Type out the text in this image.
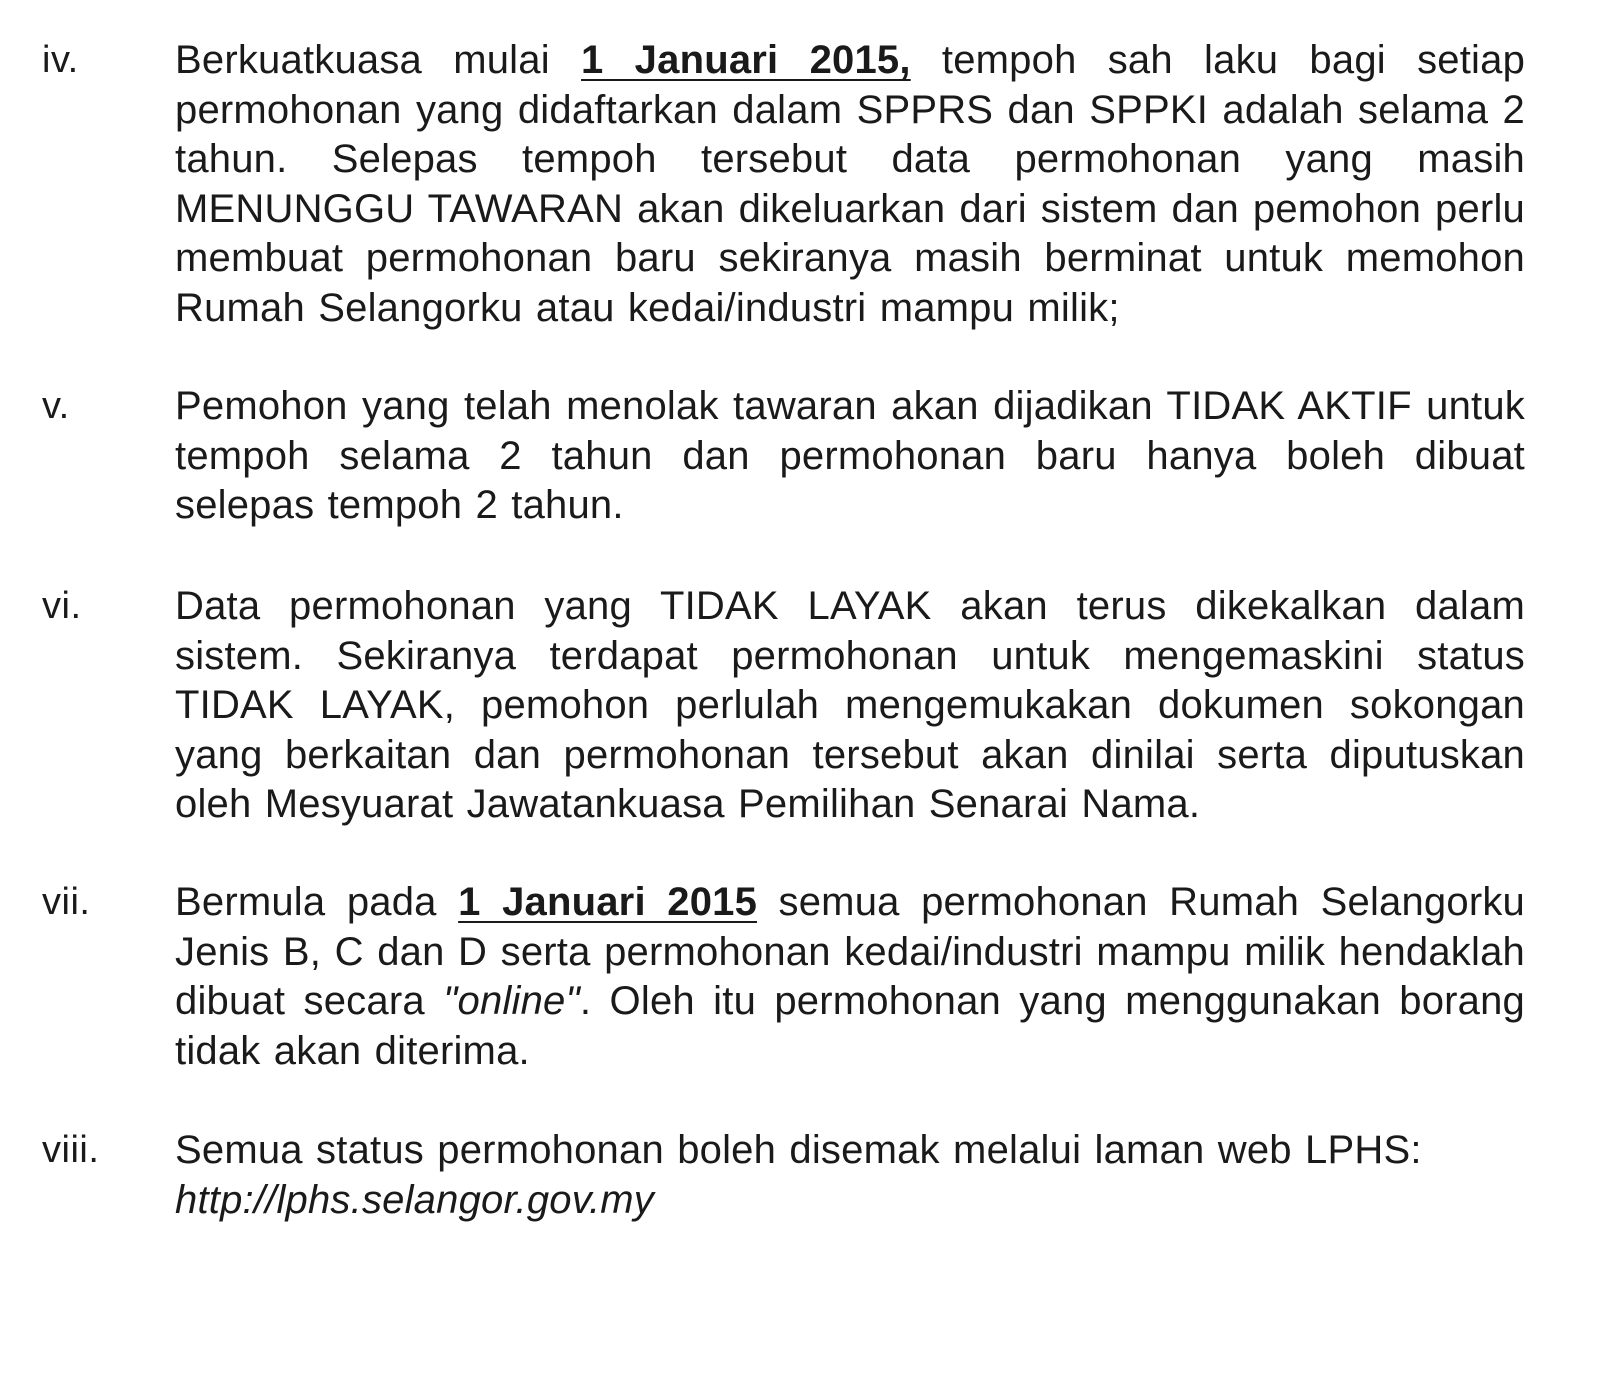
iv. Berkuatkuasa mulai 1 Januari 2015, tempoh sah laku bagi setiap permohonan yang didaftarkan dalam SPPRS dan SPPKI adalah selama 2 tahun. Selepas tempoh tersebut data permohonan yang masih MENUNGGU TAWARAN akan dikeluarkan dari sistem dan pemohon perlu membuat permohonan baru sekiranya masih berminat untuk memohon Rumah Selangorku atau kedai/industri mampu milik;
v.	Pemohon yang telah menolak tawaran akan dijadikan TIDAK AKTIF untuk tempoh selama 2 tahun dan permohonan baru hanya boleh dibuat selepas tempoh 2 tahun.
vi. Data permohonan yang TIDAK LAYAK akan terus dikekalkan dalam sistem. Sekiranya terdapat permohonan untuk mengemaskini status TIDAK LAYAK, pemohon perlulah mengemukakan dokumen sokongan yang berkaitan dan permohonan tersebut akan dinilai serta diputuskan oleh Mesyuarat Jawatankuasa Pemilihan Senarai Nama.
vii. Bermula pada 1 Januari 2015 semua permohonan Rumah Selangorku Jenis B, C dan D serta permohonan kedai/industri mampu milik hendaklah dibuat secara "online". Oleh itu permohonan yang menggunakan borang tidak akan diterima.
viii. Semua status permohonan boleh disemak melalui laman web LPHS:
http://lphs.selangor.gov.my
